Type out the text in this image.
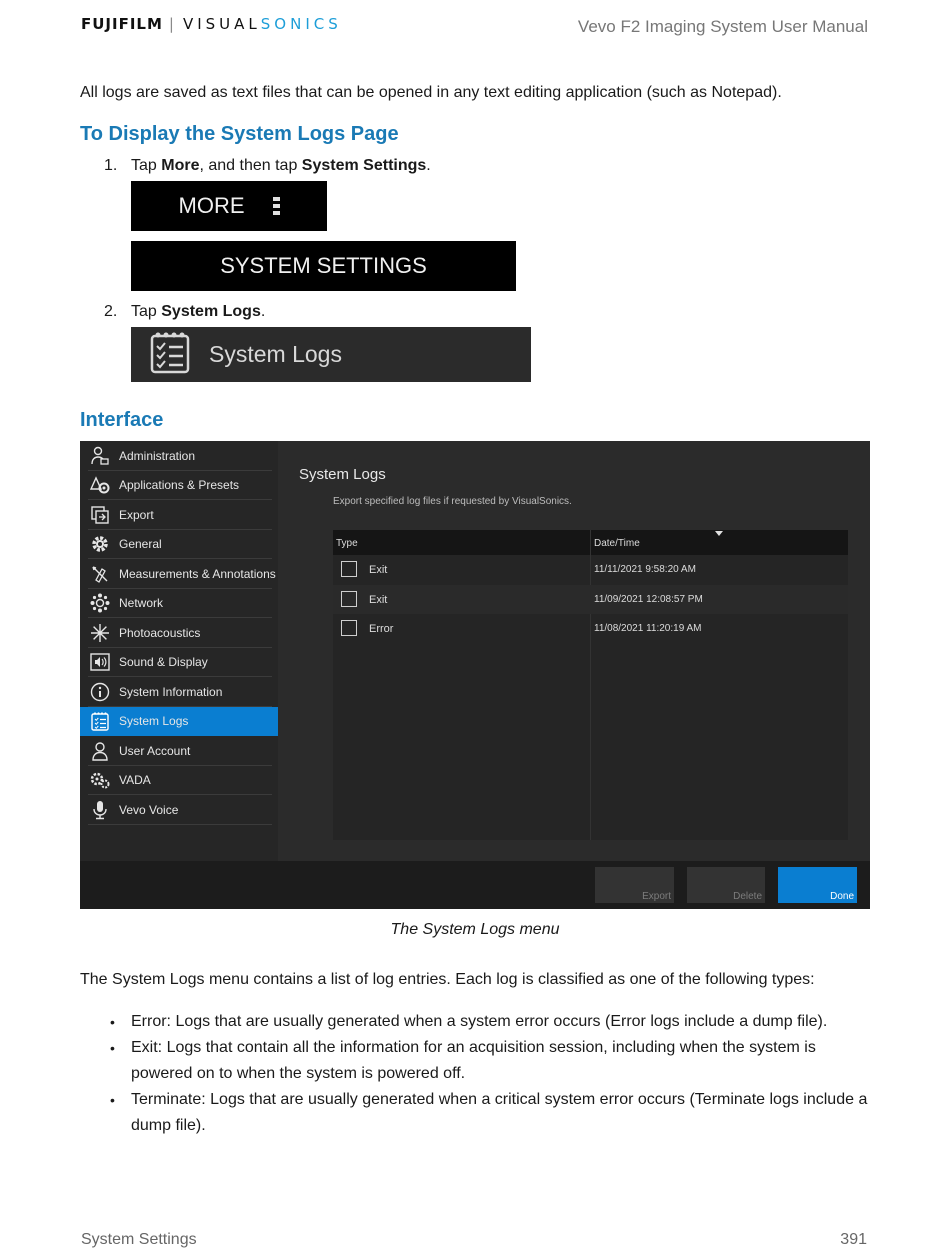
FUJIFILM | VISUAL SONICS	Vevo F2 Imaging System User Manual

All logs are saved as text files that can be opened in any text editing application (such as Notepad).

To Display the System Logs Page
1. Tap More, and then tap System Settings.
MORE
SYSTEM SETTINGS
2. Tap System Logs.
System Logs
Interface
Administration
Applications & Presets
Export
General
Measurements & Annotations
Network
Photoacoustics
Sound & Display
System Information
System Logs
User Account
VADA
Vevo Voice
System Logs
Export specified log files if requested by VisualSonics.
Type	Date/Time
Exit	11/11/2021 9:58:20 AM
Exit	11/09/2021 12:08:57 PM
Error	11/08/2021 11:20:19 AM
Export	Delete	Done
The System Logs menu

The System Logs menu contains a list of log entries. Each log is classified as one of the following types:

• Error: Logs that are usually generated when a system error occurs (Error logs include a dump file).
• Exit: Logs that contain all the information for an acquisition session, including when the system is powered on to when the system is powered off.
• Terminate: Logs that are usually generated when a critical system error occurs (Terminate logs include a dump file).
System Settings	391
